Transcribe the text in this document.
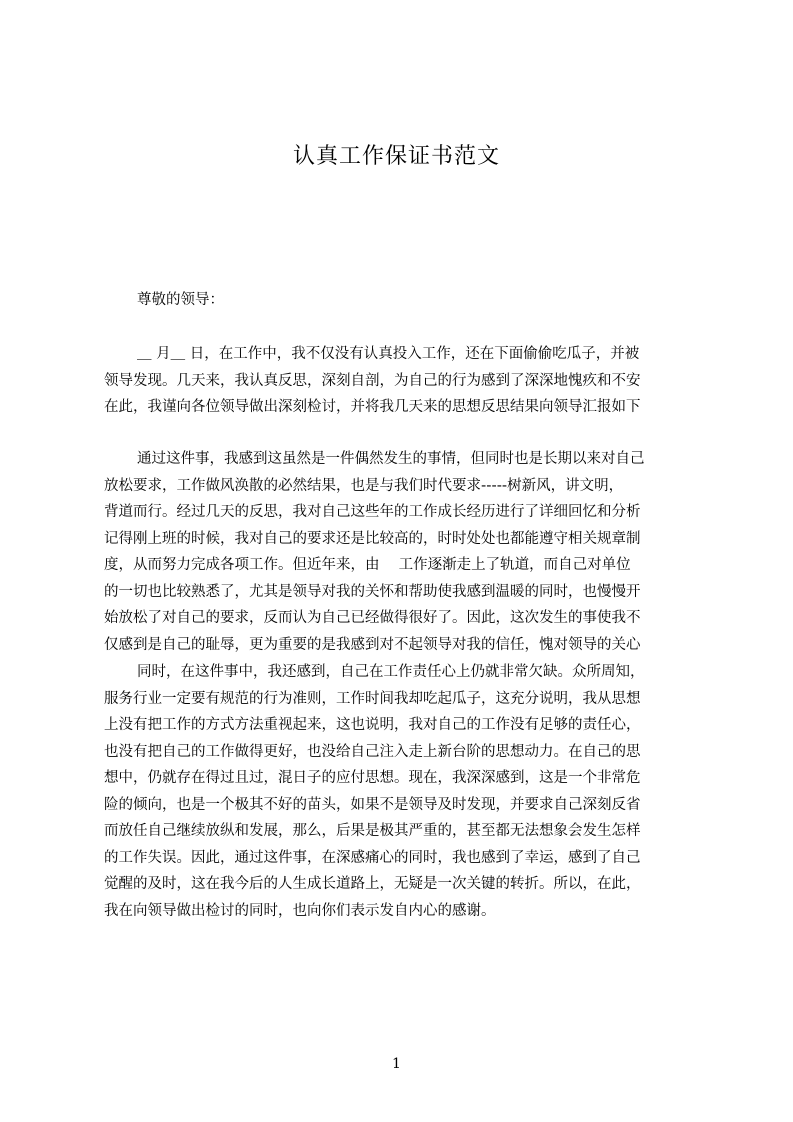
认真工作保证书范文
尊敬的领导：
＿ 月＿ 日，在工作中，我不仅没有认真投入工作，还在下面偷偷吃瓜子，并被
领导发现。几天来，我认真反思，深刻自剖，为自己的行为感到了深深地愧疚和不安
在此，我谨向各位领导做出深刻检讨，并将我几天来的思想反思结果向领导汇报如下
通过这件事，我感到这虽然是一件偶然发生的事情，但同时也是长期以来对自己
放松要求，工作做风涣散的必然结果，也是与我们时代要求-----树新风，讲文明，
背道而行。经过几天的反思，我对自己这些年的工作成长经历进行了详细回忆和分析
记得刚上班的时候，我对自己的要求还是比较高的，时时处处也都能遵守相关规章制
度，从而努力完成各项工作。但近年来，由　 工作逐渐走上了轨道，而自己对单位
的一切也比较熟悉了，尤其是领导对我的关怀和帮助使我感到温暖的同时，也慢慢开
始放松了对自己的要求，反而认为自己已经做得很好了。因此，这次发生的事使我不
仅感到是自己的耻辱，更为重要的是我感到对不起领导对我的信任，愧对领导的关心
同时，在这件事中，我还感到，自己在工作责任心上仍就非常欠缺。众所周知，
服务行业一定要有规范的行为准则，工作时间我却吃起瓜子，这充分说明，我从思想
上没有把工作的方式方法重视起来，这也说明，我对自己的工作没有足够的责任心，
也没有把自己的工作做得更好，也没给自己注入走上新台阶的思想动力。在自己的思
想中，仍就存在得过且过，混日子的应付思想。现在，我深深感到，这是一个非常危
险的倾向，也是一个极其不好的苗头，如果不是领导及时发现，并要求自己深刻反省
而放任自己继续放纵和发展，那么，后果是极其严重的，甚至都无法想象会发生怎样
的工作失误。因此，通过这件事，在深感痛心的同时，我也感到了幸运，感到了自己
觉醒的及时，这在我今后的人生成长道路上，无疑是一次关键的转折。所以，在此，
我在向领导做出检讨的同时，也向你们表示发自内心的感谢。
1
